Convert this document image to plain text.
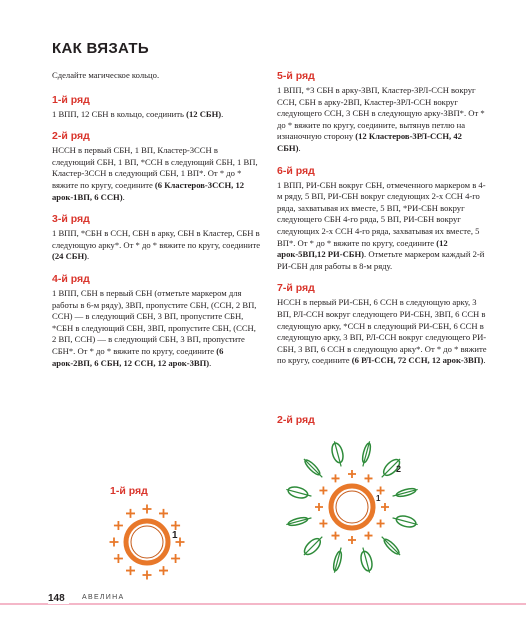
КАК ВЯЗАТЬ

Сделайте магическое кольцо.

1-й ряд

1 ВПП, 12 СБН в кольцо, соединить (12 СБН).

2-й ряд

НССН в первый СБН, 1 ВП, Кластер-3ССН в следующий СБН, 1 ВП, *ССН в следующий СБН, 1 ВП, Кластер-3ССН в следующий СБН, 1 ВП*. От * до * вяжите по кругу, соедините (6 Кластеров-3ССН, 12 арок-1ВП, 6 ССН).

3-й ряд

1 ВПП, *СБН в ССН, СБН в арку, СБН в Кластер, СБН в следующую арку*. От * до * вяжите по кругу, соедините (24 СБН).

4-й ряд

1 ВПП, СБН в первый СБН (отметьте маркером для работы в 6-м ряду), ЗВП, пропустите СБН, (ССН, 2 ВП, ССН) — в следующий СБН, 3 ВП, пропустите СБН, *СБН в следующий СБН, ЗВП, пропустите СБН, (ССН, 2 ВП, ССН) — в следующий СБН, 3 ВП, пропустите СБН*. От * до * вяжите по кругу, соедините (6 арок-2ВП, 6 СБН, 12 ССН, 12 арок-3ВП).

5-й ряд

1 ВПП, *3 СБН в арку-ЗВП, Кластер-ЗРЛ-ССН вокруг ССН, СБН в арку-2ВП, Кластер-ЗРЛ-ССН вокруг следующего ССН, 3 СБН в следующую арку-ЗВП*. От * до * вяжите по кругу, соедините, вытянув петлю на изнаночную сторону (12 Кластеров-3РЛ-ССН, 42 СБН).

6-й ряд

1 ВПП, РИ-СБН вокруг СБН, отмеченного маркером в 4-м ряду, 5 ВП, РИ-СБН вокруг следующих 2-х ССН 4-го ряда, захватывая их вместе, 5 ВП, *РИ-СБН вокруг следующего СБН 4-го ряда, 5 ВП, РИ-СБН вокруг следующих 2-х ССН 4-го ряда, захватывая их вместе, 5 ВП*. От * до * вяжите по кругу, соедините (12 арок-5ВП,12 РИ-СБН). Отметьте маркером каждый 2-й РИ-СБН для работы в 8-м ряду.

7-й ряд

НССН в первый РИ-СБН, 6 ССН в следующую арку, 3 ВП, РЛ-ССН вокруг следующего РИ-СБН, ЗВП, 6 ССН в следующую арку, *ССН в следующий РИ-СБН, 6 ССН в следующую арку, 3 ВП, РЛ-ССН вокруг следующего РИ-СБН, 3 ВП, 6 ССН в следующую арку*. От * до * вяжите по кругу, соедините (6 РЛ-ССН, 72 ССН, 12 арок-3ВП).

1-й ряд
1
2-й ряд
1
2
148	АВЕЛИНА
